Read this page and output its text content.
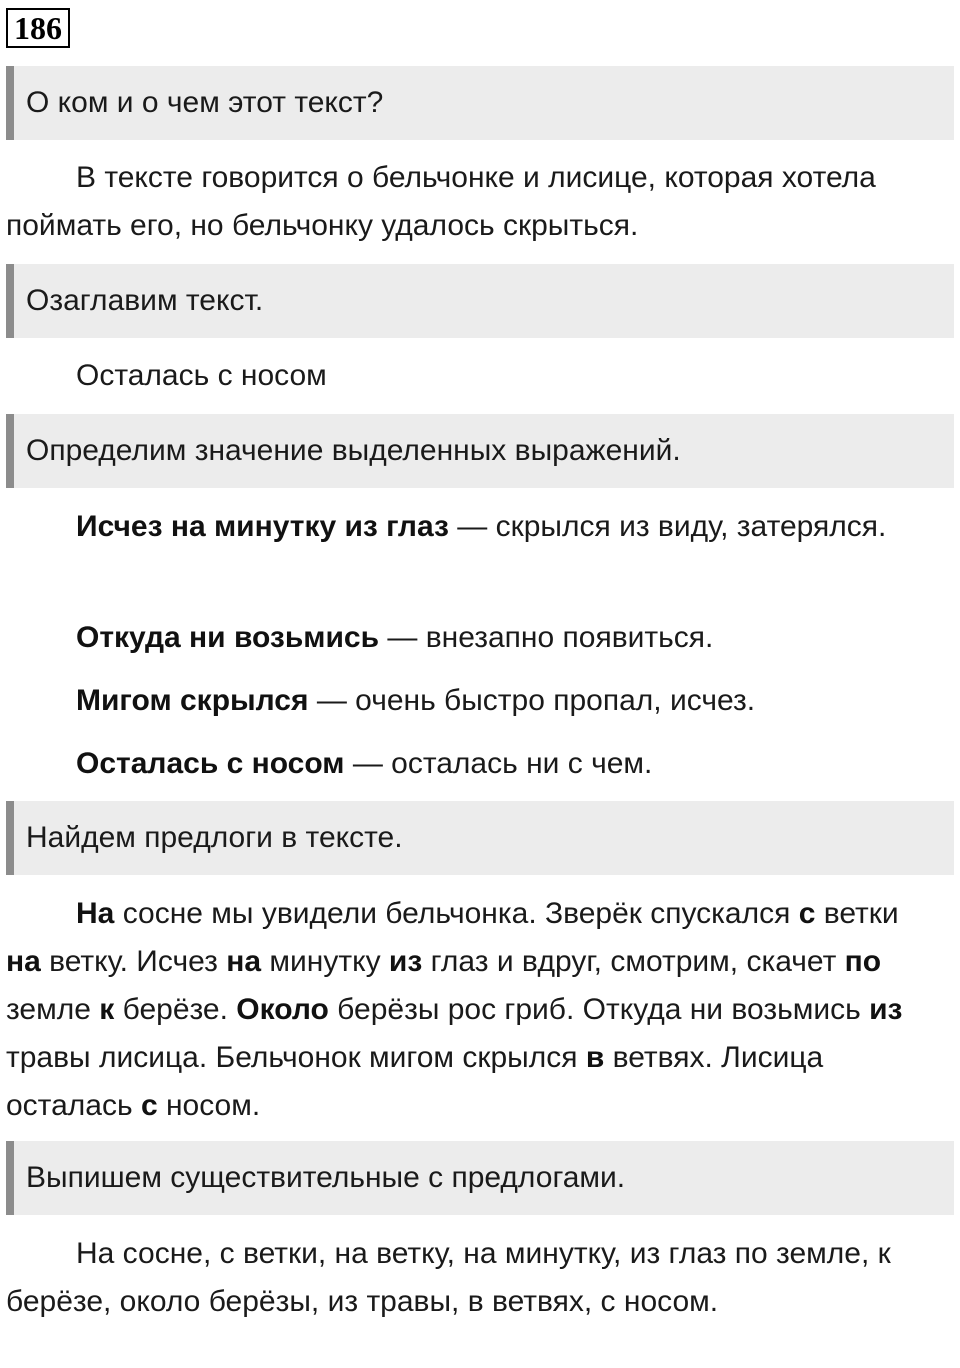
186
О ком и о чем этот текст?

В тексте говорится о бельчонке и лисице, которая хотела поймать его, но бельчонку удалось скрыться.

Озаглавим текст.

Осталась с носом

Определим значение выделенных выражений.

Исчез на минутку из глаз — скрылся из виду, затерялся.

Откуда ни возьмись — внезапно появиться.

Мигом скрылся — очень быстро пропал, исчез.

Осталась с носом — осталась ни с чем.

Найдем предлоги в тексте.

На сосне мы увидели бельчонка. Зверёк спускался с ветки на ветку. Исчез на минутку из глаз и вдруг, смотрим, скачет по земле к берёзе. Около берёзы рос гриб. Откуда ни возьмись из травы лисица. Бельчонок мигом скрылся в ветвях. Лисица осталась с носом.

Выпишем существительные с предлогами.

На сосне, с ветки, на ветку, на минутку, из глаз по земле, к берёзе, около берёзы, из травы, в ветвях, с носом.
